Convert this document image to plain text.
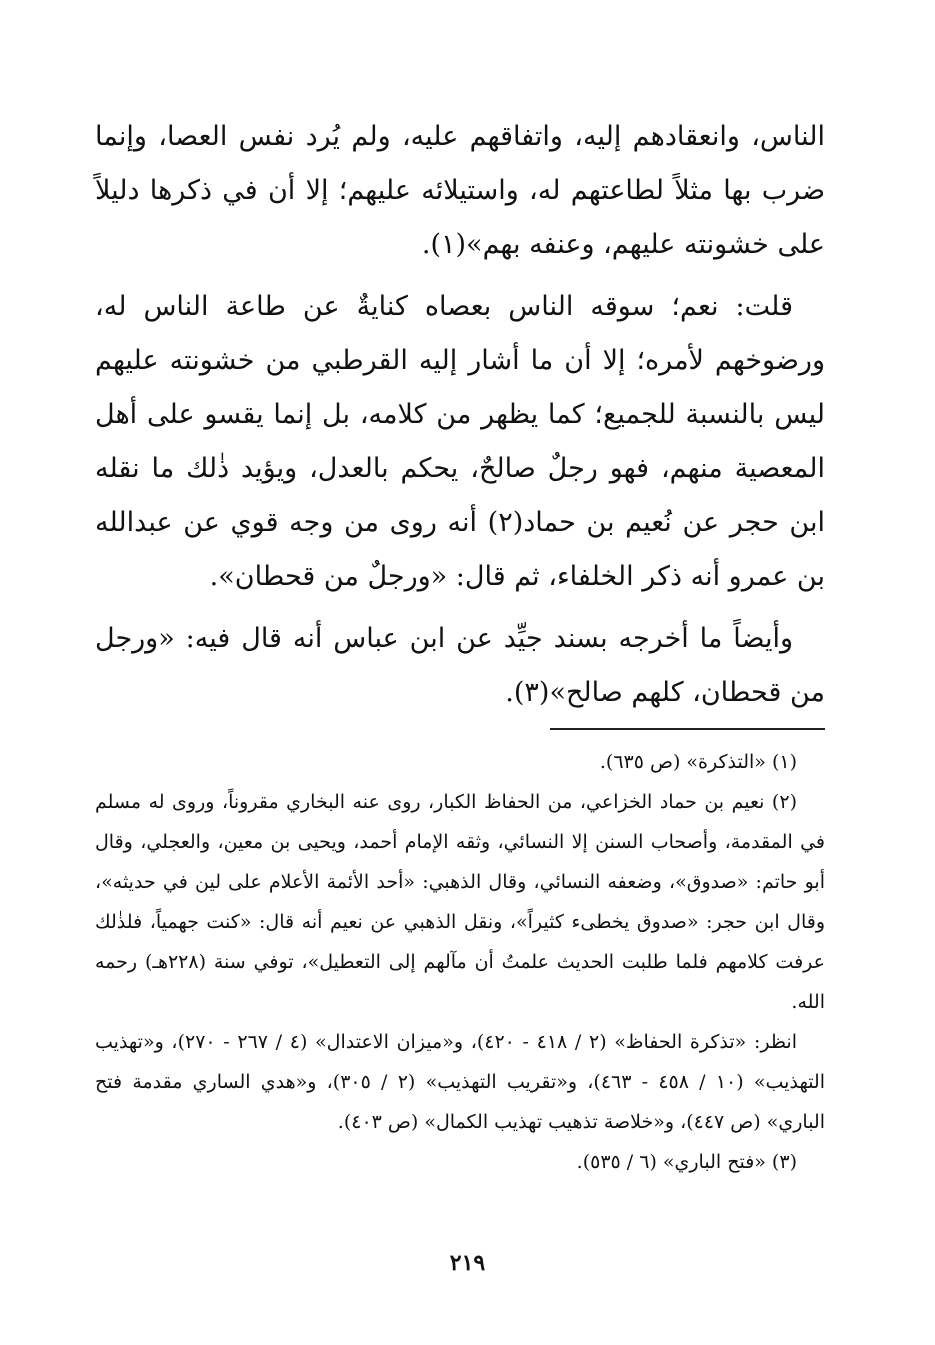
الناس، وانعقادهم إليه، واتفاقهم عليه، ولم يُرد نفس العصا، وإنما ضرب بها مثلاً لطاعتهم له، واستيلائه عليهم؛ إلا أن في ذكرها دليلاً على خشونته عليهم، وعنفه بهم»(١).

قلت: نعم؛ سوقه الناس بعصاه كنايةٌ عن طاعة الناس له، ورضوخهم لأمره؛ إلا أن ما أشار إليه القرطبي من خشونته عليهم ليس بالنسبة للجميع؛ كما يظهر من كلامه، بل إنما يقسو على أهل المعصية منهم، فهو رجلٌ صالحٌ، يحكم بالعدل، ويؤيد ذٰلك ما نقله ابن حجر عن نُعيم بن حماد(٢) أنه روى من وجه قوي عن عبدالله بن عمرو أنه ذكر الخلفاء، ثم قال: «ورجلٌ من قحطان».

وأيضاً ما أخرجه بسند جيِّد عن ابن عباس أنه قال فيه: «ورجل من قحطان، كلهم صالح»(٣).

(١) «التذكرة» (ص ٦٣٥).

(٢) نعيم بن حماد الخزاعي، من الحفاظ الكبار، روى عنه البخاري مقروناً، وروى له مسلم في المقدمة، وأصحاب السنن إلا النسائي، وثقه الإمام أحمد، ويحيى بن معين، والعجلي، وقال أبو حاتم: «صدوق»، وضعفه النسائي، وقال الذهبي: «أحد الأئمة الأعلام على لين في حديثه»، وقال ابن حجر: «صدوق يخطىء كثيراً»، ونقل الذهبي عن نعيم أنه قال: «كنت جهمياً، فلذٰلك عرفت كلامهم فلما طلبت الحديث علمتُ أن مآلهم إلى التعطيل»، توفي سنة (٢٢٨هـ) رحمه الله.

انظر: «تذكرة الحفاظ» (٢ / ٤١٨ - ٤٢٠)، و«ميزان الاعتدال» (٤ / ٢٦٧ - ٢٧٠)، و«تهذيب التهذيب» (١٠ / ٤٥٨ - ٤٦٣)، و«تقريب التهذيب» (٢ / ٣٠٥)، و«هدي الساري مقدمة فتح الباري» (ص ٤٤٧)، و«خلاصة تذهيب تهذيب الكمال» (ص ٤٠٣).

(٣) «فتح الباري» (٦ / ٥٣٥).

٢١٩
